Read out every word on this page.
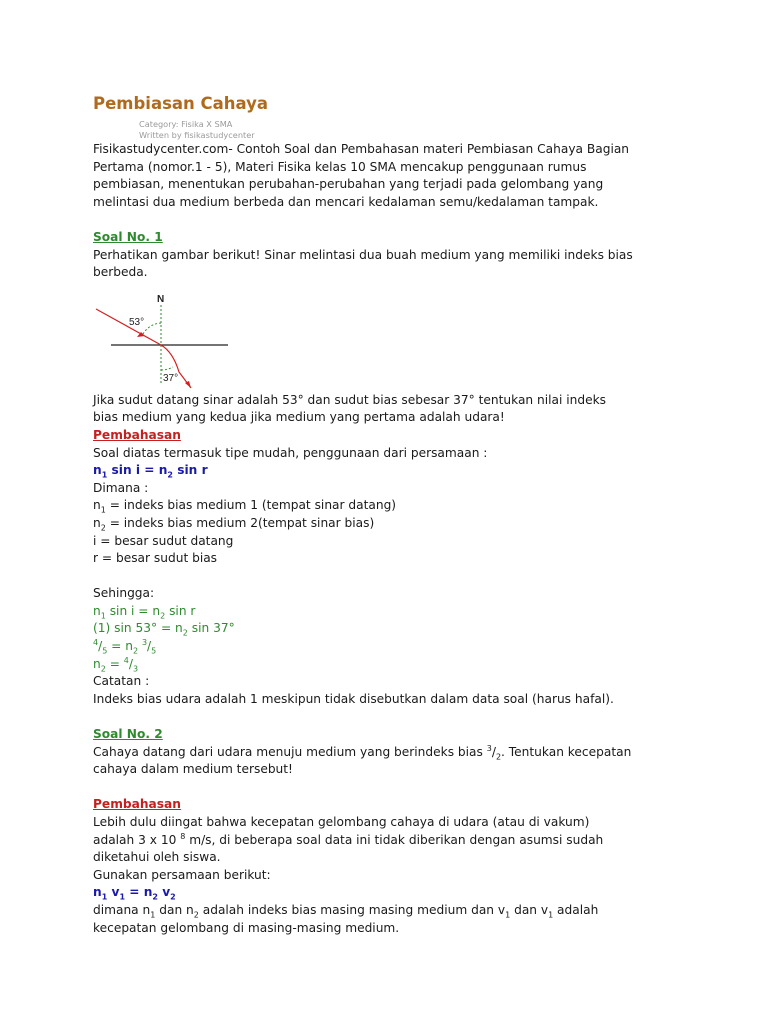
Pembiasan Cahaya
Category: Fisika X SMA
Written by fisikastudycenter

Fisikastudycenter.com- Contoh Soal dan Pembahasan materi Pembiasan Cahaya Bagian Pertama (nomor.1 - 5), Materi Fisika kelas 10 SMA mencakup penggunaan rumus pembiasan, menentukan perubahan-perubahan yang terjadi pada gelombang yang melintasi dua medium berbeda dan mencari kedalaman semu/kedalaman tampak.

Soal No. 1

Perhatikan gambar berikut! Sinar melintasi dua buah medium yang memiliki indeks bias berbeda.

N
53°
37°

Jika sudut datang sinar adalah 53° dan sudut bias sebesar 37° tentukan nilai indeks bias medium yang kedua jika medium yang pertama adalah udara!

Pembahasan

Soal diatas termasuk tipe mudah, penggunaan dari persamaan :

$n_1$ $\sin i = n_2$ sin r

Dimana :

$n_1$ = indeks bias medium 1 (tempat sinar datang)

$n_2$ = indeks bias medium 2(tempat sinar bias)

i = besar sudut datang

r = besar sudut bias

Sehingga:

$n_1$ $\sin i = n_2$ sin r

(1) $\sin 53^\circ = n_2$ sin 37°

$^4/_5 = n_2$ $^3/_5$

$n_2 = ^4/_3$

Catatan :

Indeks bias udara adalah 1 meskipun tidak disebutkan dalam data soal (harus hafal).

Soal No. 2

Cahaya datang dari udara menuju medium yang berindeks bias $^3/_2$. Tentukan kecepatan cahaya dalam medium tersebut!

Pembahasan

Lebih dulu diingat bahwa kecepatan gelombang cahaya di udara (atau di vakum) adalah 3 x 10 $^8$ m/s, di beberapa soal data ini tidak diberikan dengan asumsi sudah diketahui oleh siswa.

Gunakan persamaan berikut:

$n_1$ $v_1 = n_2$ $v_2$

dimana $n_1$ dan $n_2$ adalah indeks bias masing masing medium dan $v_1$ dan $v_1$ adalah kecepatan gelombang di masing-masing medium.
